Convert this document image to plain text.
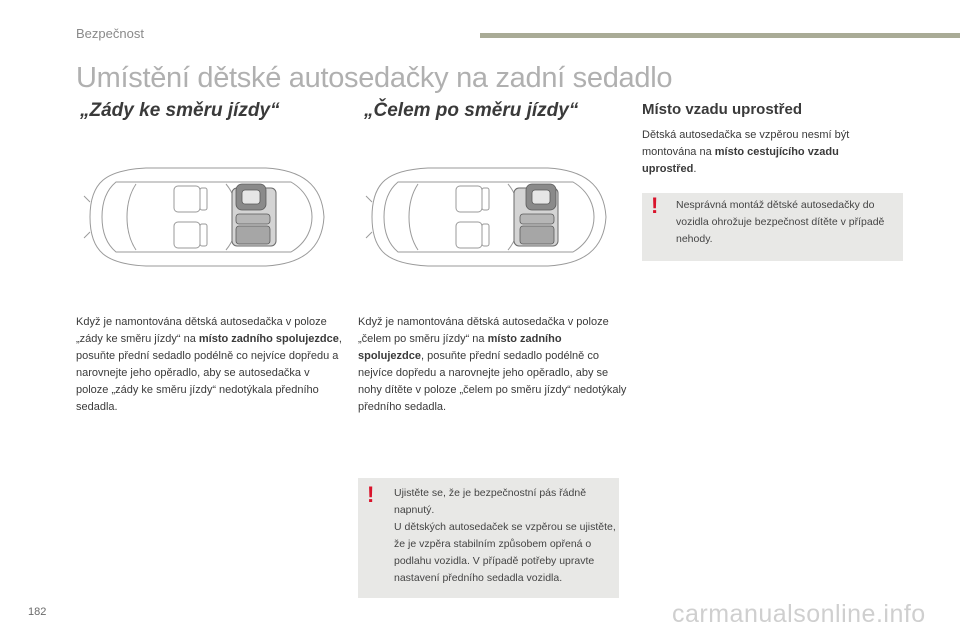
Bezpečnost
Umístění dětské autosedačky na zadní sedadlo
„Zády ke směru jízdy“

Když je namontována dětská autosedačka v poloze „zády ke směru jízdy“ na místo zadního spolujezdce, posuňte přední sedadlo podélně co nejvíce dopředu a narovnejte jeho opěradlo, aby se autosedačka v poloze „zády ke směru jízdy“ nedotýkala předního sedadla.

„Čelem po směru jízdy“

Když je namontována dětská autosedačka v poloze „čelem po směru jízdy“ na místo zadního spolujezdce, posuňte přední sedadlo podélně co nejvíce dopředu a narovnejte jeho opěradlo, aby se nohy dítěte v poloze „čelem po směru jízdy“ nedotýkaly předního sedadla.

! Ujistěte se, že je bezpečnostní pás řádně napnutý.
U dětských autosedaček se vzpěrou se ujistěte, že je vzpěra stabilním způsobem opřená o podlahu vozidla. V případě potřeby upravte nastavení předního sedadla vozidla.
Místo vzadu uprostřed

Dětská autosedačka se vzpěrou nesmí být montována na místo cestujícího vzadu uprostřed.

! Nesprávná montáž dětské autosedačky do vozidla ohrožuje bezpečnost dítěte v případě nehody.
182	carmanualsonline.info
